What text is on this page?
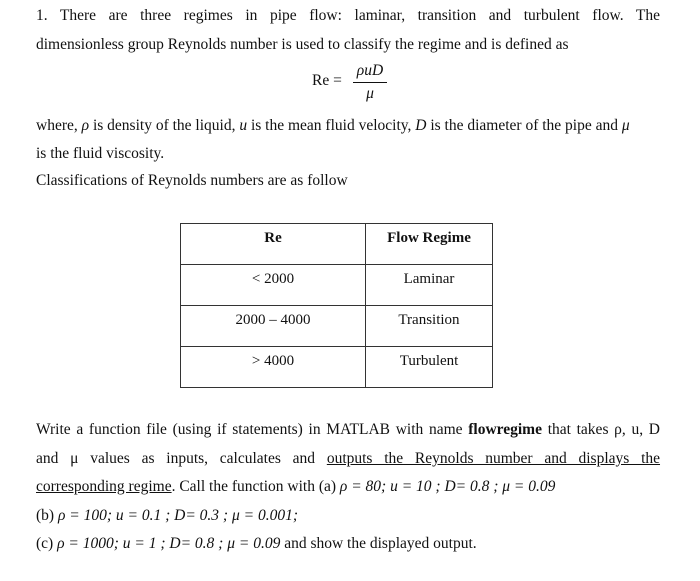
1. There are three regimes in pipe flow: laminar, transition and turbulent flow. The
dimensionless group Reynolds number is used to classify the regime and is defined as
Re =
ρuD
μ
where, ρ is density of the liquid, u is the mean fluid velocity, D is the diameter of the pipe and μ
is the fluid viscosity.
Classifications of Reynolds numbers are as follow
Re	Flow Regime
< 2000	Laminar
2000 – 4000	Transition
> 4000	Turbulent
Write a function file (using if statements) in MATLAB with name flowregime that takes ρ, u, D
and μ values as inputs, calculates and outputs the Reynolds number and displays the
corresponding regime. Call the function with (a) ρ = 80; u = 10 ; D= 0.8 ; μ = 0.09
(b) ρ = 100; u = 0.1 ; D= 0.3 ; μ = 0.001;
(c) ρ = 1000; u = 1 ; D= 0.8 ; μ = 0.09 and show the displayed output.
